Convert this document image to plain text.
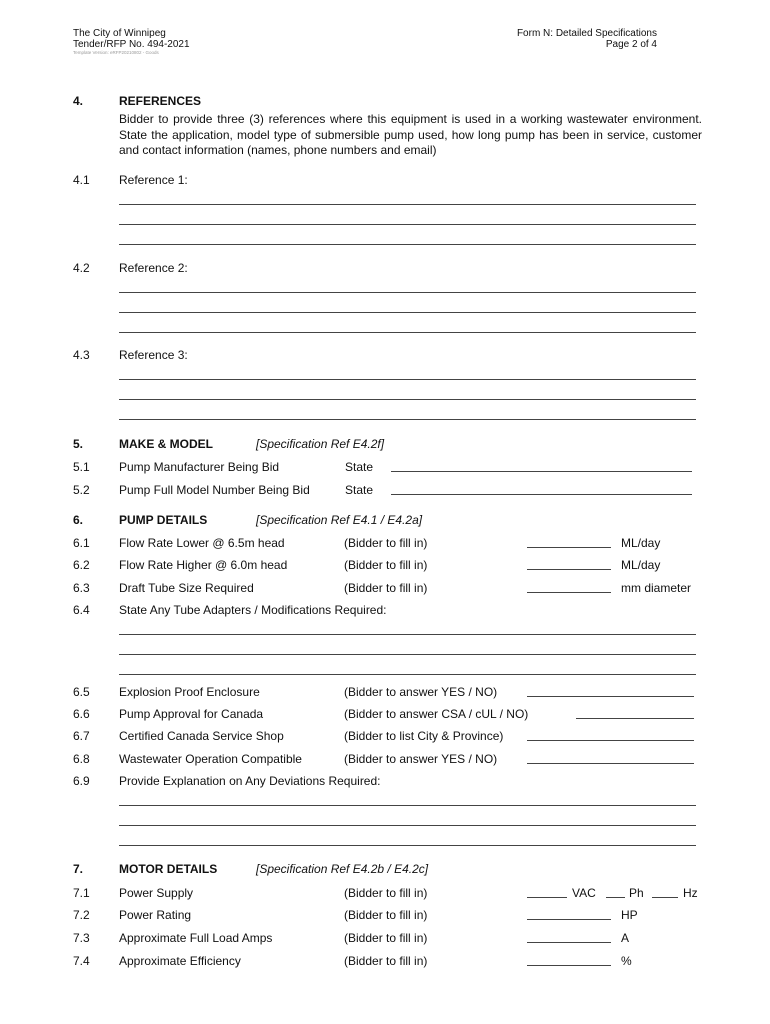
The City of Winnipeg
Tender/RFP No. 494-2021
Template Version: eRFP20210802 - Goods
Form N: Detailed Specifications
Page 2 of 4
4.	REFERENCES
Bidder to provide three (3) references where this equipment is used in a working wastewater environment. State the application, model type of submersible pump used, how long pump has been in service, customer and contact information (names, phone numbers and email)
4.1 Reference 1:
4.2 Reference 2:
4.3 Reference 3:
5.	MAKE & MODEL	[Specification Ref E4.2f]
5.1 Pump Manufacturer Being Bid	State
5.2 Pump Full Model Number Being Bid	State
6.	PUMP DETAILS	[Specification Ref E4.1 / E4.2a]
6.1 Flow Rate Lower @ 6.5m head	(Bidder to fill in)	ML/day
6.2 Flow Rate Higher @ 6.0m head	(Bidder to fill in)	ML/day
6.3 Draft Tube Size Required	(Bidder to fill in)	mm diameter
6.4 State Any Tube Adapters / Modifications Required:
6.5 Explosion Proof Enclosure	(Bidder to answer YES / NO)
6.6 Pump Approval for Canada	(Bidder to answer CSA / cUL / NO)
6.7 Certified Canada Service Shop	(Bidder to list City & Province)
6.8 Wastewater Operation Compatible	(Bidder to answer YES / NO)
6.9 Provide Explanation on Any Deviations Required:
7.	MOTOR DETAILS	[Specification Ref E4.2b / E4.2c]
7.1 Power Supply	(Bidder to fill in)	VAC	Ph	Hz
7.2 Power Rating	(Bidder to fill in)	HP
7.3 Approximate Full Load Amps	(Bidder to fill in)	A
7.4 Approximate Efficiency	(Bidder to fill in)	%
